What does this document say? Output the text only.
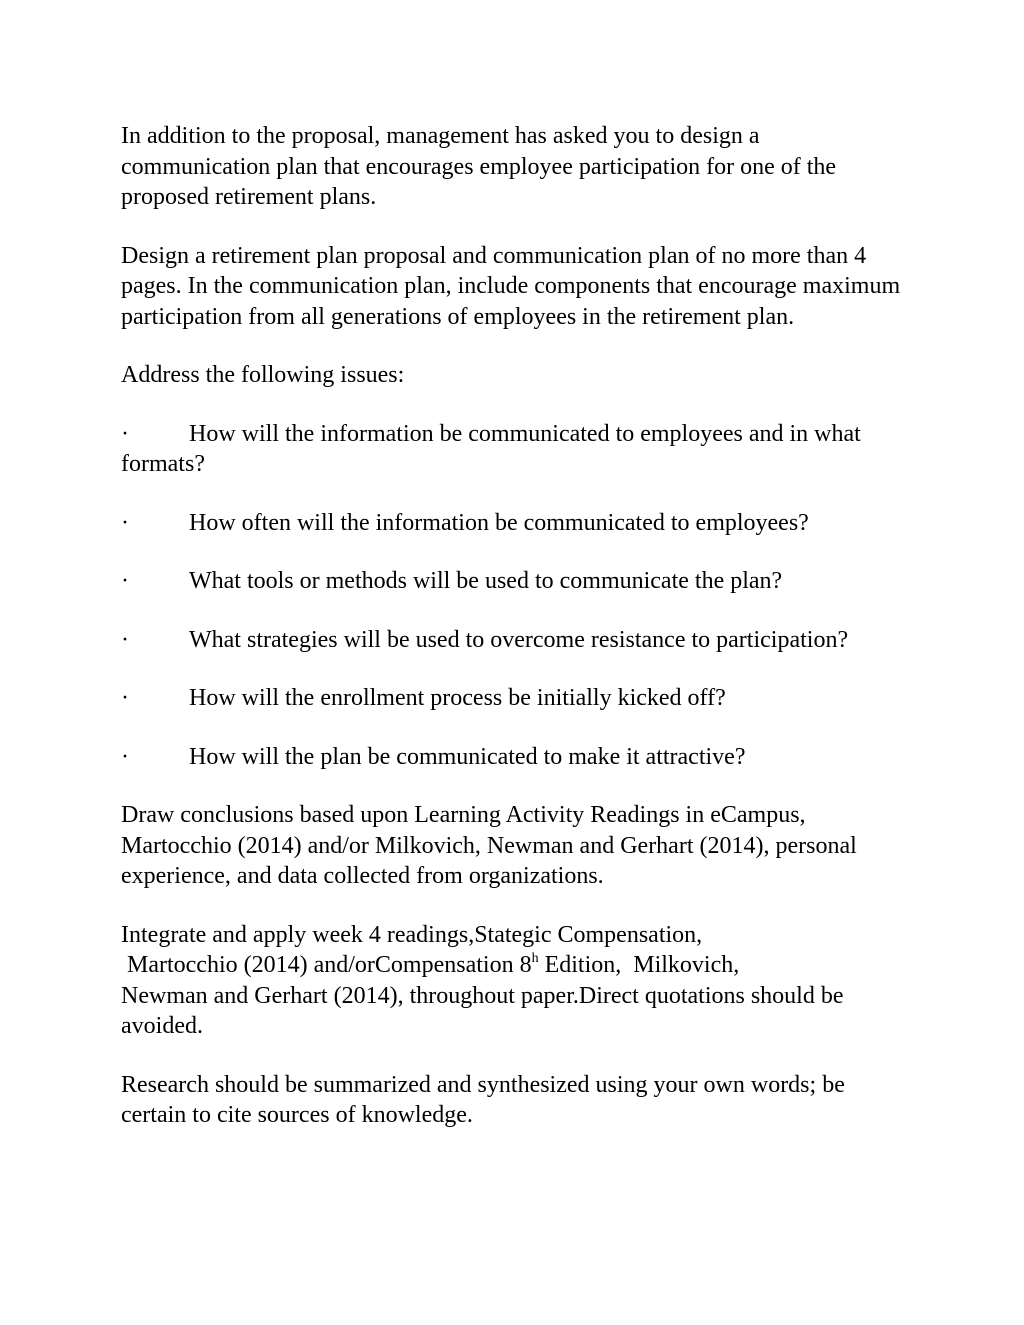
In addition to the proposal, management has asked you to design a communication plan that encourages employee participation for one of the proposed retirement plans.

Design a retirement plan proposal and communication plan of no more than 4 pages. In the communication plan, include components that encourage maximum participation from all generations of employees in the retirement plan.

Address the following issues:

·	How will the information be communicated to employees and in what formats?

·	How often will the information be communicated to employees?

·	What tools or methods will be used to communicate the plan?

·	What strategies will be used to overcome resistance to participation?

·	How will the enrollment process be initially kicked off?

·	How will the plan be communicated to make it attractive?

Draw conclusions based upon Learning Activity Readings in eCampus, Martocchio (2014) and/or Milkovich, Newman and Gerhart (2014), personal experience, and data collected from organizations.

Integrate and apply week 4 readings,Stategic Compensation,
Martocchio (2014) and/orCompensation 8$^h$ Edition,  Milkovich,
Newman and Gerhart (2014), throughout paper.Direct quotations should be avoided.

Research should be summarized and synthesized using your own words; be certain to cite sources of knowledge.
